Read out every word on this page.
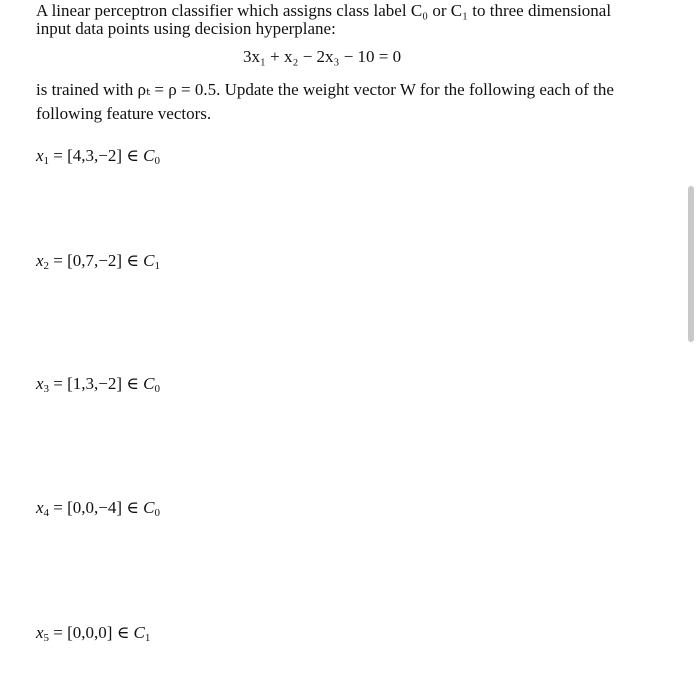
A linear perceptron classifier which assigns class label C₀ or C₁ to three dimensional
input data points using decision hyperplane:
3x₁ + x₂ − 2x₃ − 10 = 0
is trained with ρₜ = ρ = 0.5. Update the weight vector W for the following each of the
following feature vectors.
$x_1 = [4,3,-2]$ ∈ $C_0$
$x_2 = [0,7,-2]$ ∈ $C_1$
$x_3 = [1,3,-2]$ ∈ $C_0$
$x_4 = [0,0,-4]$ ∈ $C_0$
$x_5 = [0,0,0]$ ∈ $C_1$
